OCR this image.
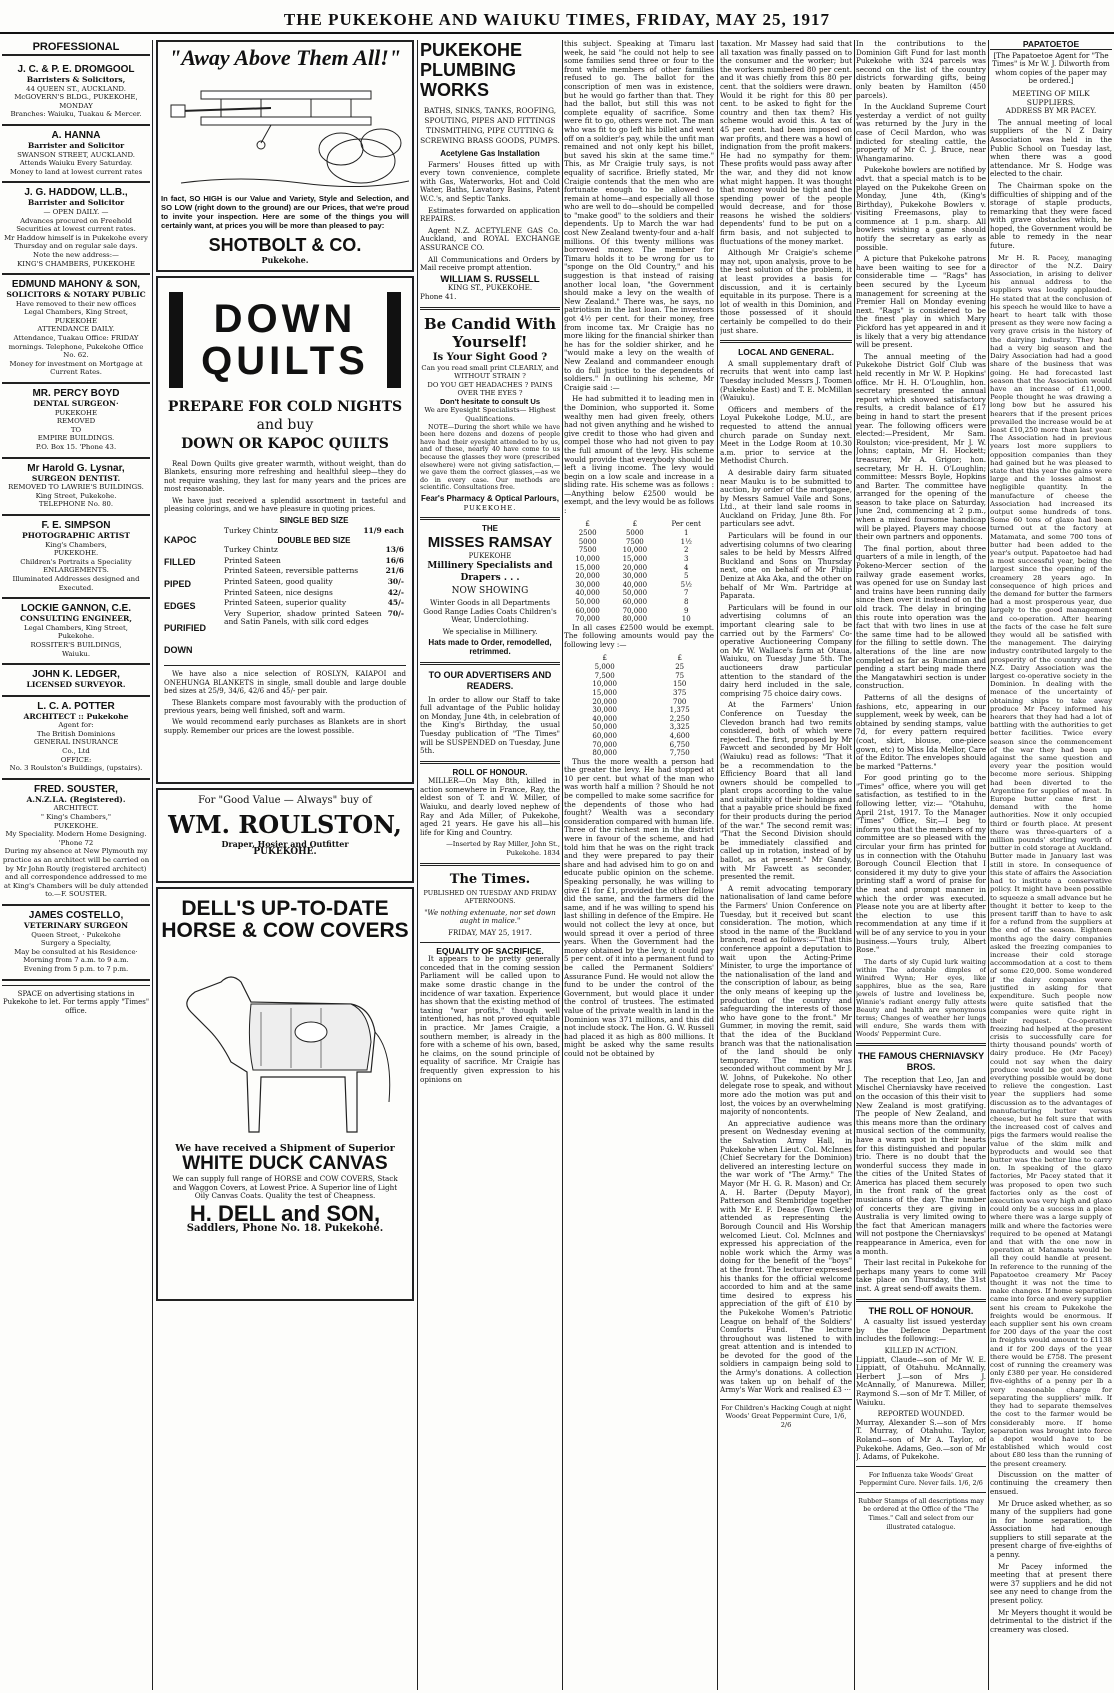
THE PUKEKOHE AND WAIUKU TIMES, FRIDAY, MAY 25, 1917
PROFESSIONAL
J. C. & P. E. DROMGOOL
Barristers & Solicitors,
44 QUEEN ST., AUCKLAND.
McGOVERN'S BLDG., PUKEKOHE, MONDAY
Branches: Waiuku, Tuakau & Mercer.
A. HANNA
Barrister and Solicitor
SWANSON STREET, AUCKLAND.
Attends Waiuku Every Saturday.
Money to land at lowest current rates
J. G. HADDOW, LL.B.,
Barrister and Solicitor
— OPEN DAILY. —
Advances procured on Freehold Securities at lowest current rates.
Mr Haddow himself is in Pukekohe every Thursday and on regular sale days.
Note the new address:—
KING'S CHAMBERS, PUKEKOHE
EDMUND MAHONY & SON,
SOLICITORS & NOTARY PUBLIC
Have removed to their new offices
Legal Chambers, King Street,
PUKEKOHE
ATTENDANCE DAILY.
Attendance, Tuakau Office: FRIDAY mornings. Telephone, Pukekohe Office No. 62.
Money for investment on Mortgage at Current Rates.
MR. PERCY BOYD
DENTAL SURGEON·
PUKEKOHE
REMOVED
TO
EMPIRE BUILDINGS.
P.O. Box 15. 'Phone 43.
Mr Harold G. Lysnar,
SURGEON DENTIST.
REMOVED TO LAWRIE'S BUILDINGS.
King Street, Pukekohe.
TELEPHONE No. 80.
F. E. SIMPSON
PHOTOGRAPHIC ARTIST
King's Chambers,
PUKEKOHE.
Children's Portraits a Speciality
ENLARGEMENTS.
Illuminated Addresses designed and Executed.
LOCKIE GANNON, C.E.
CONSULTING ENGINEER,
Legal Chambers, King Street,
Pukekohe.
ROSSITER'S BUILDINGS,
Waiuku.
JOHN K. LEDGER,
LICENSED SURVEYOR.
L. C. A. POTTER
ARCHITECT :: Pukekohe
Agent for:
The British Dominions
GENERAL INSURANCE
Co., Ltd
OFFICE:
No. 3 Roulston's Buildings, (upstairs).
FRED. SOUSTER,
A.N.Z.I.A. (Registered).
ARCHITECT.
" King's Chambers,"
PUKEKOHE.
My Speciality. Modern Home Designing.
'Phone 72
During my absence at New Plymouth my practice as an architect will be carried on by Mr John Routly (registered architect) and all correspondence addressed to me at King's Chambers will be duly attended to.—F. SOUSTER.
JAMES COSTELLO,
VETERINARY SURGEON
Queen Street, · Pukekohe
Surgery a Specialty,
May be consulted at his Residence·
Morning from 7 a.m. to 9 a.m.
Evening from 5 p.m. to 7 p.m.
SPACE on advertising stations in Pukekohe to let. For terms apply "Times" office.
"Away Above Them All!"
In fact, SO HIGH is our Value and Variety, Style and Selection, and SO LOW (right down to the ground) are our Prices, that we're proud to invite your inspection. Here are some of the things you will certainly want, at prices you will be more than pleased to pay:
SHOTBOLT & CO.
Pukekohe.
DOWN
QUILTS
PREPARE FOR COLD NIGHTS
and buy
DOWN OR KAPOC QUILTS

Real Down Quilts give greater warmth, without weight, than do Blankets, ensuring more refreshing and healthful sleep—they do not require washing, they last for many years and the prices are most reasonable.

We have just received a splendid assortment in tasteful and pleasing colorings, and we have pleasure in quoting prices.

KAPOC
FILLED
PIPED
EDGES
PURIFIED
DOWN
SINGLE BED SIZE
Turkey Chintz	11/9 each
DOUBLE BED SIZE
Turkey Chintz	13/6
Printed Sateen	16/6
Printed Sateen, reversible patterns	21/6
Printed Sateen, good quality	30/-
Printed Sateen, nice designs	42/-
Printed Sateen, superior quality	45/-
Very Superior, shadow printed Sateen and Satin Panels, with silk cord edges	70/-

We have also a nice selection of ROSLYN, KAIAPOI and ONEHUNGA BLANKETS in single, small double and large double bed sizes at 25/9, 34/6, 42/6 and 45/- per pair.

These Blankets compare most favourably with the production of previous years, being well finished, soft and warm.

We would recommend early purchases as Blankets are in short supply. Remember our prices are the lowest possible.

For "Good Value — Always" buy of
WM. ROULSTON,
Draper, Hosier and Outfitter
PUKEKOHE.
DELL'S UP-TO-DATE
HORSE & COW COVERS
We have received a Shipment of Superior
WHITE DUCK CANVAS
We can supply full range of HORSE and COW COVERS, Stack and Waggon Covers, at Lowest Price. A Superior line of Light Oily Canvas Coats. Quality the test of Cheapness.
H. DELL and SON,
Saddlers, Phone No. 18. Pukekohe.
PUKEKOHE PLUMBING WORKS
BATHS, SINKS, TANKS, ROOFING, SPOUTING, PIPES AND FITTINGS TINSMITHING, PIPE CUTTING & SCREWING BRASS GOODS, PUMPS.
Acetylene Gas Installation

Farmers' Houses fitted up with every town convenience, complete with Gas, Waterworks, Hot and Cold Water, Baths, Lavatory Basins, Patent W.C.'s, and Septic Tanks.

Estimates forwarded on application REPAIRS.

Agent N.Z. ACETYLENE GAS Co. Auckland, and ROYAL EXCHANGE ASSURANCE CO.

All Communications and Orders by Mail receive prompt attention.

WILLIAM S. RUSSELL
KING ST., PUKEKOHE.
Phone 41.
Be Candid With Yourself!
Is Your Sight Good ?
Can you read small print CLEARLY, and WITHOUT STRAIN ?
DO YOU GET HEADACHES ? PAINS OVER THE EYES ?
Don't hesitate to consult Us
We are Eyesight Specialists— Highest Qualifications.

NOTE—During the short while we have been here dozens and dozens of people have had their eyesight attended to by us, and of these, nearly 40 have come to us because the glasses they wore (prescribed elsewhere) were not giving satisfaction,—we gave them the correct glasses,—as we do in every case. Our methods are scientific. Consultations free.

Fear's Pharmacy & Optical Parlours,
PUKEKOHE.
THE
MISSES RAMSAY
PUKEKOHE
Millinery Specialists and Drapers . . .
NOW SHOWING
Winter Goods in all Departments Good Range Ladies Coats Children's Wear, Underclothing.
We specialise in Millinery.
Hats made to Order, remodelled, retrimmed.
TO OUR ADVERTISERS AND READERS.

In order to allow our Staff to take full advantage of the Public holiday on Monday, June 4th, in celebration of the King's Birthday, the usual Tuesday publication of "The Times" will be SUSPENDED on Tuesday, June 5th.

ROLL OF HONOUR.

MILLER—On May 8th, killed in action somewhere in France, Ray, the eldest son of T. and W. Miller, of Waiuku, and dearly loved nephew of Ray and Ada Miller, of Pukekohe, aged 21 years. He gave his all—his life for King and Country.

—Inserted by Ray Miller, John St., Pukekohe. 1834
The Times.
PUBLISHED ON TUESDAY AND FRIDAY AFTERNOONS.
"We nothing extenuate, nor set down aught in malice."
FRIDAY, MAY 25, 1917.
EQUALITY OF SACRIFICE.

It appears to be pretty generally conceded that in the coming session Parliament will be called upon to make some drastic change in the incidence of war taxation. Experience has shown that the existing method of taxing "war profits," though well intentioned, has not proved equitable in practice. Mr James Craigie, a southern member, is already in the fore with a scheme of his own, based, he claims, on the sound principle of equality of sacrifice. Mr Craigie has frequently given expression to his opinions on

this subject. Speaking at Timaru last week, he said "he could not help to see some families send three or four to the front while members of other families refused to go. The ballot for the conscription of men was in existence, but he would go farther than that. They had the ballot, but still this was not complete equality of sacrifice. Some were fit to go, others were not. The man who was fit to go left his billet and went off on a soldier's pay, while the unfit man remained and not only kept his billet, but saved his skin at the same time." This, as Mr Craigie truly says, is not equality of sacrifice. Briefly stated, Mr Craigie contends that the men who are fortunate enough to be allowed to remain at home—and especially all those who are well to do—should be compelled to "make good" to the soldiers and their dependents. Up to March the war had cost New Zealand twenty-four and a-half millions. Of this twenty millions was borrowed money. The member for Timaru holds it to be wrong for us to "sponge on the Old Country," and his suggestion is that instead of raising another local loan, "the Government should make a levy on the wealth of New Zealand." There was, he says, no patriotism in the last loan. The investors got 4½ per cent. for their money, free from income tax. Mr Craigie has no more liking for the financial shirker than he has for the soldier shirker, and he "would make a levy on the wealth of New Zealand and commandeer enough to do full justice to the dependents of soldiers." In outlining his scheme, Mr Craigie said :—

He had submitted it to leading men in the Dominion, who supported it. Some wealthy men had given freely, others had not given anything and he wished to give credit to those who had given and compel those who had not given to pay the full amount of the levy. His scheme would provide that everybody should be left a living income. The levy would begin on a low scale and increase in a sliding rate. His scheme was as follows :—Anything below £2500 would be exempt, and the levy would be as follows :

£	£	Per cent
2500	5000	1
5000	7500	1½
7500	10,000	2
10,000	15,000	3
15,000	20,000	4
20,000	30,000	5
30,000	40,000	5½
40,000	50,000	7
50,000	60,000	8
60,000	70,000	9
70,000	80,000	10

In all cases £2500 would be exempt. The following amounts would pay the following levy :—

£	£
5,000	25
7,500	75
10,000	150
15,000	375
20,000	700
30,000	1,375
40,000	2,250
50,000	3,325
60,000	4,600
70,000	6,750
80,000	7,750

Thus the more wealth a person had the greater the levy. He had stopped at 10 per cent. but what of the man who was worth half a million ? Should he not be compelled to make some sacrifice for the dependents of those who had fought? Wealth was a secondary consideration compared with human life. Three of the richest men in the district were in favour of the scheme, and had told him that he was on the right track and they were prepared to pay their share and had advised him to go on and educate public opinion on the scheme. Speaking personally, he was willing to give £1 for £1, provided the other fellow did the same, and the farmers did the same, and if he was willing to spend his last shilling in defence of the Empire. He would not collect the levy at once, but would spread it over a period of three years. When the Government had the money obtained by the levy, it could pay 5 per cent. of it into a permanent fund to be called the Permanent Soldiers' Assurance Fund. He would not allow the fund to be under the control of the Government, but would place it under the control of trustees. The estimated value of the private wealth in land in the Dominion was 371 millions, and this did not include stock. The Hon. G. W. Russell had placed it as high as 800 millions. It might be asked why the same results could not be obtained by

taxation. Mr Massey had said that all taxation was finally passed on to the consumer and the worker; but the workers numbered 80 per cent. and it was chiefly from this 80 per cent. that the soldiers were drawn. Would it be right for this 80 per cent. to be asked to fight for the country and then tax them? His scheme would avoid this. A tax of 45 per cent. had been imposed on war profits, and there was a howl of indignation from the profit makers. He had no sympathy for them. These profits would pass away after the war, and they did not know what might happen. It was thought that money would be tight and the spending power of the people would decrease, and for those reasons he wished the soldiers' dependents' fund to be put on a firm basis, and not subjected to fluctuations of the money market.

Although Mr Craigie's scheme may not, upon analysis, prove to be the best solution of the problem, it at least provides a basis for discussion, and it is certainly equitable in its purpose. There is a lot of wealth in this Dominion, and those possessed of it should certainly be compelled to do their just share.

LOCAL AND GENERAL.

A small supplementary draft of recruits that went into camp last Tuesday included Messrs J. Toomen (Pukekohe East) and T. E. McMillan (Waiuku).

Officers and members of the Loyal Pukekohe Lodge, M.U., are requested to attend the annual church parade on Sunday next. Meet in the Lodge Room at 10.30 a.m. prior to service at the Methodist Church.

A desirable dairy farm situated near Mauku is to be submitted to auction, by order of the mortgagee, by Messrs Samuel Vaile and Sons, Ltd., at their land sale rooms in Auckland on Friday, June 8th. For particulars see advt.

Particulars will be found in our advertising columns of two clearing sales to be held by Messrs Alfred Buckland and Sons on Thursday next, one on behalf of Mr Philip Denize at Aka Aka, and the other on behalf of Mr Wm. Partridge at Paparata.

Particulars will be found in our advertising columns of an important clearing sale to be carried out by the Farmers' Co-operative Auctioneering Company on Mr W. Wallace's farm at Otaua, Waiuku, on Tuesday June 5th. The auctioneers draw particular attention to the standard of the dairy herd included in the sale, comprising 75 choice dairy cows.

At the Farmers' Union Conference on Tuesday the Clevedon branch had two remits considered, both of which were rejected. The first, proposed by Mr Fawcett and seconded by Mr Holt (Waiuku) read as follows: "That it be a recommendation to the Efficiency Board that all land owners should be compelled to plant crops according to the value and suitability of their holdings and that a payable price should be fixed for their products during the period of the war." The second remit was: "That the Second Division should be immediately classified and called up in rotation, instead of by ballot, as at present." Mr Gandy, with Mr Fawcett as seconder, presented the remit.

A remit advocating temporary nationalisation of land came before the Farmers' Union Conference on Tuesday, but it received but scant consideration. The motion, which stood in the name of the Buckland branch, read as follows:—"That this conference appoint a deputation to wait upon the Acting-Prime Minister, to urge the importance of the nationalisation of the land and the conscription of labour, as being the only means of keeping up the production of the country and safeguarding the interests of those who have gone to the front." Mr Gummer, in moving the remit, said that the idea of the Buckland branch was that the nationalisation of the land should be only temporary. The motion was seconded without comment by Mr J. W. Johns, of Pukekohe. No other delegate rose to speak, and without more ado the motion was put and lost, the voices by an overwhelming majority of noncontents.

An appreciative audience was present on Wednesday evening at the Salvation Army Hall, in Pukekohe when Lieut. Col. McInnes (Chief Secretary for the Dominion) delivered an interesting lecture on the war work of "The Army." The Mayor (Mr H. G. R. Mason) and Cr. A. H. Barter (Deputy Mayor), Patterson and Stembridge together with Mr E. F. Dease (Town Clerk) attended as representing the Borough Council and His Worship welcomed Lieut. Col. McInnes and expressed his appreciation of the noble work which the Army was doing for the benefit of the "boys" at the front. The lecturer expressed his thanks for the official welcome accorded to him and at the same time desired to express his appreciation of the gift of £10 by the Pukekohe Women's Patriotic League on behalf of the Soldiers' Comforts Fund. The lecture throughout was listened to with great attention and is intended to be devoted for the good of the soldiers in campaign being sold to the Army's donations. A collection was taken up on behalf of the Army's War Work and realised £3 ···

For Children's Hacking Cough at night Woods' Great Peppermint Cure, 1/6, 2/6

In the contributions to the Dominion Gift Fund for last month Pukekohe with 324 parcels was second on the list of the country districts forwarding gifts, being only beaten by Hamilton (450 parcels).

In the Auckland Supreme Court yesterday a verdict of not guilty was returned by the Jury in the case of Cecil Mardon, who was indicted for stealing cattle, the property of Mr C. J. Bruce, near Whangamarino.

Pukekohe bowlers are notified by advt. that a special match is to be played on the Pukekohe Green on Monday, June 4th, (King's Birthday), Pukekohe Bowlers v. visiting Freemasons, play to commence at 1 p.m. sharp. All bowlers wishing a game should notify the secretary as early as possible.

A picture that Pukekohe patrons have been waiting to see for a considerable time — "Rags" has been secured by the Lyceum management for screening at the Premier Hall on Monday evening next. "Rags" is considered to be the finest play in which Mary Pickford has yet appeared in and it is likely that a very big attendance will be present.

The annual meeting of the Pukekohe District Golf Club was held recently in Mr W. P. Hopkins' office. Mr H. H. O'Loughlin, hon. secretary presented the annual report which showed satisfactory results, a credit balance of £17 being in hand to start the present year. The following officers were elected:—President, Mr Sam. Roulston; vice-president, Mr J. W. Johns; captain, Mr H. Hockett; treasurer, Mr A. Grigor; hon. secretary, Mr H. H. O'Loughlin; committee: Messrs Boyle, Hopkins and Barter. The committee have arranged for the opening of the season to take place on Saturday, June 2nd, commencing at 2 p.m., when a mixed foursome handicap will be played. Players may choose their own partners and opponents.

The final portion, about three quarters of a mile in length, of the Pokeno-Mercer section of the railway grade easement works, was opened for use on Sunday last and trains have been running daily since then over it instead of on the old track. The delay in bringing this route into operation was the fact that with two lines in use at the same time had to be allowed for the filling to settle down. The alterations of the line are now completed as far as Runciman and pending a start being made there the Mangatawhiri section is under construction.

Patterns of all the designs of fashions, etc, appearing in our supplement, week by week, can be obtained by sending stamps, value 7d, for every pattern required (coat, skirt, blouse, one-piece gown, etc) to Miss Ida Mellor, Care of the Editor. The envelopes should be marked "Patterns."

For good printing go to the "Times" office, where you will get satisfaction, as testified to in the following letter, viz:— "Otahuhu, April 21st, 1917. To the Manager "Times" Office, Sir,—I beg to inform you that the members of my committee are so pleased with the circular your firm has printed for us in connection with the Otahuhu Borough Council Election that I considered it my duty to give your printing staff a word of praise for the neat and prompt manner in which the order was executed. Please note you are at liberty after the election to use this recommendation at any time if it will be of any service to you in your business.—Yours truly, Albert Rose."

The darts of sly Cupid lurk waiting within The adorable dimples of Winifred Wynn; Her eyes, like sapphires, blue as the sea, Rare jewels of lustre and loveliness be, Winnie's radiant energy fully attests Beauty and health are synonymous terms; Changes of weather her lungs will endure, She wards them with Woods' Peppermint Cure.

THE FAMOUS CHERNIAVSKY BROS.

The reception that Leo, Jan and Mischel Cherniavsky have received on the occasion of this their visit to New Zealand is most gratifying. The people of New Zealand, and this means more than the ordinary musical section of the community, have a warm spot in their hearts for this distinguished and popular trio. There is no doubt that the wonderful success they made in the cities of the United States of America has placed them securely in the front rank of the great musicians of the day. The number of concerts they are giving in Australia is very limited owing to the fact that American managers will not postpone the Cherniavskys' reappearance in America, even for a month.

Their last recital in Pukekohe for perhaps many years to come will take place on Thursday, the 31st inst. A great send-off awaits them.

THE ROLL OF HONOUR.

A casualty list issued yesterday by the Defence Department includes the following:—

KILLED IN ACTION.

Lippiatt, Claude—son of Mr W. E. Lippiatt, of Otahuhu. McAnnally, Herbert J.—son of Mrs J. McAnnally, of Manurewa. Miller, Raymond S.—son of Mr T. Miller, of Waiuku.

REPORTED WOUNDED.

Murray, Alexander S.—son of Mrs T. Murray, of Otahuhu. Taylor, Roland—son of Mr A. Taylor, of Pukekohe. Adams, Geo.—son of Mr J. Adams, of Pukekohe.

For Influenza take Woods' Great Peppermint Cure. Never fails. 1/6, 2/6
Rubber Stamps of all descriptions may be ordered at the Office of the "The Times." Call and select from our illustrated catalogue.
PAPATOETOE
[The Papatoetoe Agent for "The Times" is Mr W. J. Dilworth from whom copies of the paper may be ordered.]
MEETING OF MILK SUPPLIERS.
ADDRESS BY MR PACEY.

The annual meeting of local suppliers of the N Z Dairy Association was held in the Public School on Tuesday last, when there was a good attendance. Mr S. Hodge was elected to the chair.

The Chairman spoke on the difficulties of shipping and of the storage of staple products, remarking that they were faced with grave obstacles which, he hoped, the Government would be able to remedy in the near future.

Mr H. R. Pacey, managing director of the N.Z. Dairy Association, in arising to deliver his annual address to the suppliers was loudly applauded. He stated that at the conclusion of his speech he would like to have a heart to heart talk with those present as they were now facing a very grave crisis in the history of the dairying industry. They had had a very big season and the Dairy Association had had a good share of the business that was going. He had forecasted last season that the Association would have an increase of £11,000. People thought he was drawing a long bow but he assured his hearers that if the present prices prevailed the increase would be at least £10,250 more than last year. The Association had in previous years lost more suppliers to opposition companies than they had gained but he was pleased to state that this year the gains were large and the losses almost a negligible quantity. In the manufacture of cheese the Association had increased its output some hundreds of tons. Some 60 tons of glaxo had been turned out at the factory at Matamata, and some 700 tons of butter had been added to the year's output. Papatoetoe had had a most successful year, being the largest since the opening of the creamery 28 years ago. In consequence of high prices and the demand for butter the farmers had a most prosperous year, due largely to the good management and co-operation. After hearing the facts of the case he felt sure they would all be satisfied with the management. The dairying industry contributed largely to the prosperity of the country and the N.Z. Dairy Association was the largest co-operative society in the Dominion. In dealing with the menace of the uncertainty of obtaining ships to take away produce Mr Pacey informed his hearers that they had had a lot of battling with the authorities to get better facilities. Twice every season since the commencement of the war they had been up against the same question and every year the position would become more serious. Shipping had been diverted to the Argentine for supplies of meat. In Europe butter came first in demand with the home authorities. Now it only occupied third or fourth place. At present there was three-quarters of a million pounds' sterling worth of butter in cold storage at Auckland. Butter made in January last was still in store. In consequence of this state of affairs the Association had to institute a conservative policy. It might have been possible to squeeze a small advance but he thought it better to keep to the present tariff than to have to ask for a refund from the suppliers at the end of the season. Eighteen months ago the dairy companies asked the freezing companies to increase their cold storage accommodation at a cost to them of some £20,000. Some wondered if the dairy companies were justified in asking for that expenditure. Such people now were quite satisfied that the companies were quite right in their request. Co-operative freezing had helped at the present crisis to successfully care for thirty thousand pounds' worth of dairy produce. He (Mr Pacey) could not say when the dairy produce would be got away, but everything possible would be done to relieve the congestion. Last year the suppliers had some discussion as to the advantages of manufacturing butter versus cheese, but he felt sure that with the increased cost of calves and pigs the farmers would realise the value of the skim milk and byproducts and would see that butter was the better line to carry on. In speaking of the glaxo factories, Mr Pacey stated that it was proposed to open two such factories only as the cost of execution was very high and glaxo could only be a success in a place where there was a large supply of milk and where the factories were required to be opened at Matangi and that with the one now in operation at Matamata would be all they could handle at present. In reference to the running of the Papatoetoe creamery Mr Pacey thought it was not the time to make changes. If home separation came into force and every supplier sent his cream to Pukekohe the freights would be enormous. If each supplier sent his own cream for 200 days of the year the cost in freights would amount to £1138 and if for 200 days of the year there would be £758. The present cost of running the creamery was only £380 per year. He considered five-eighths of a penny per lb a very reasonable charge for separating the suppliers' milk. If they had to separate themselves the cost to the farmer would be considerably more. If home separation was brought into force a depot would have to be established which would cost about £80 less than the running of the present creamery.

Discussion on the matter of continuing the creamery then ensued.

Mr Druce asked whether, as so many of the suppliers had gone in for home separation, the Association had enough suppliers to still separate at the present charge of five-eighths of a penny.

Mr Pacey informed the meeting that at present there were 37 suppliers and he did not see any need to change from the present policy.

Mr Meyers thought it would be detrimental to the district if the creamery was closed.
